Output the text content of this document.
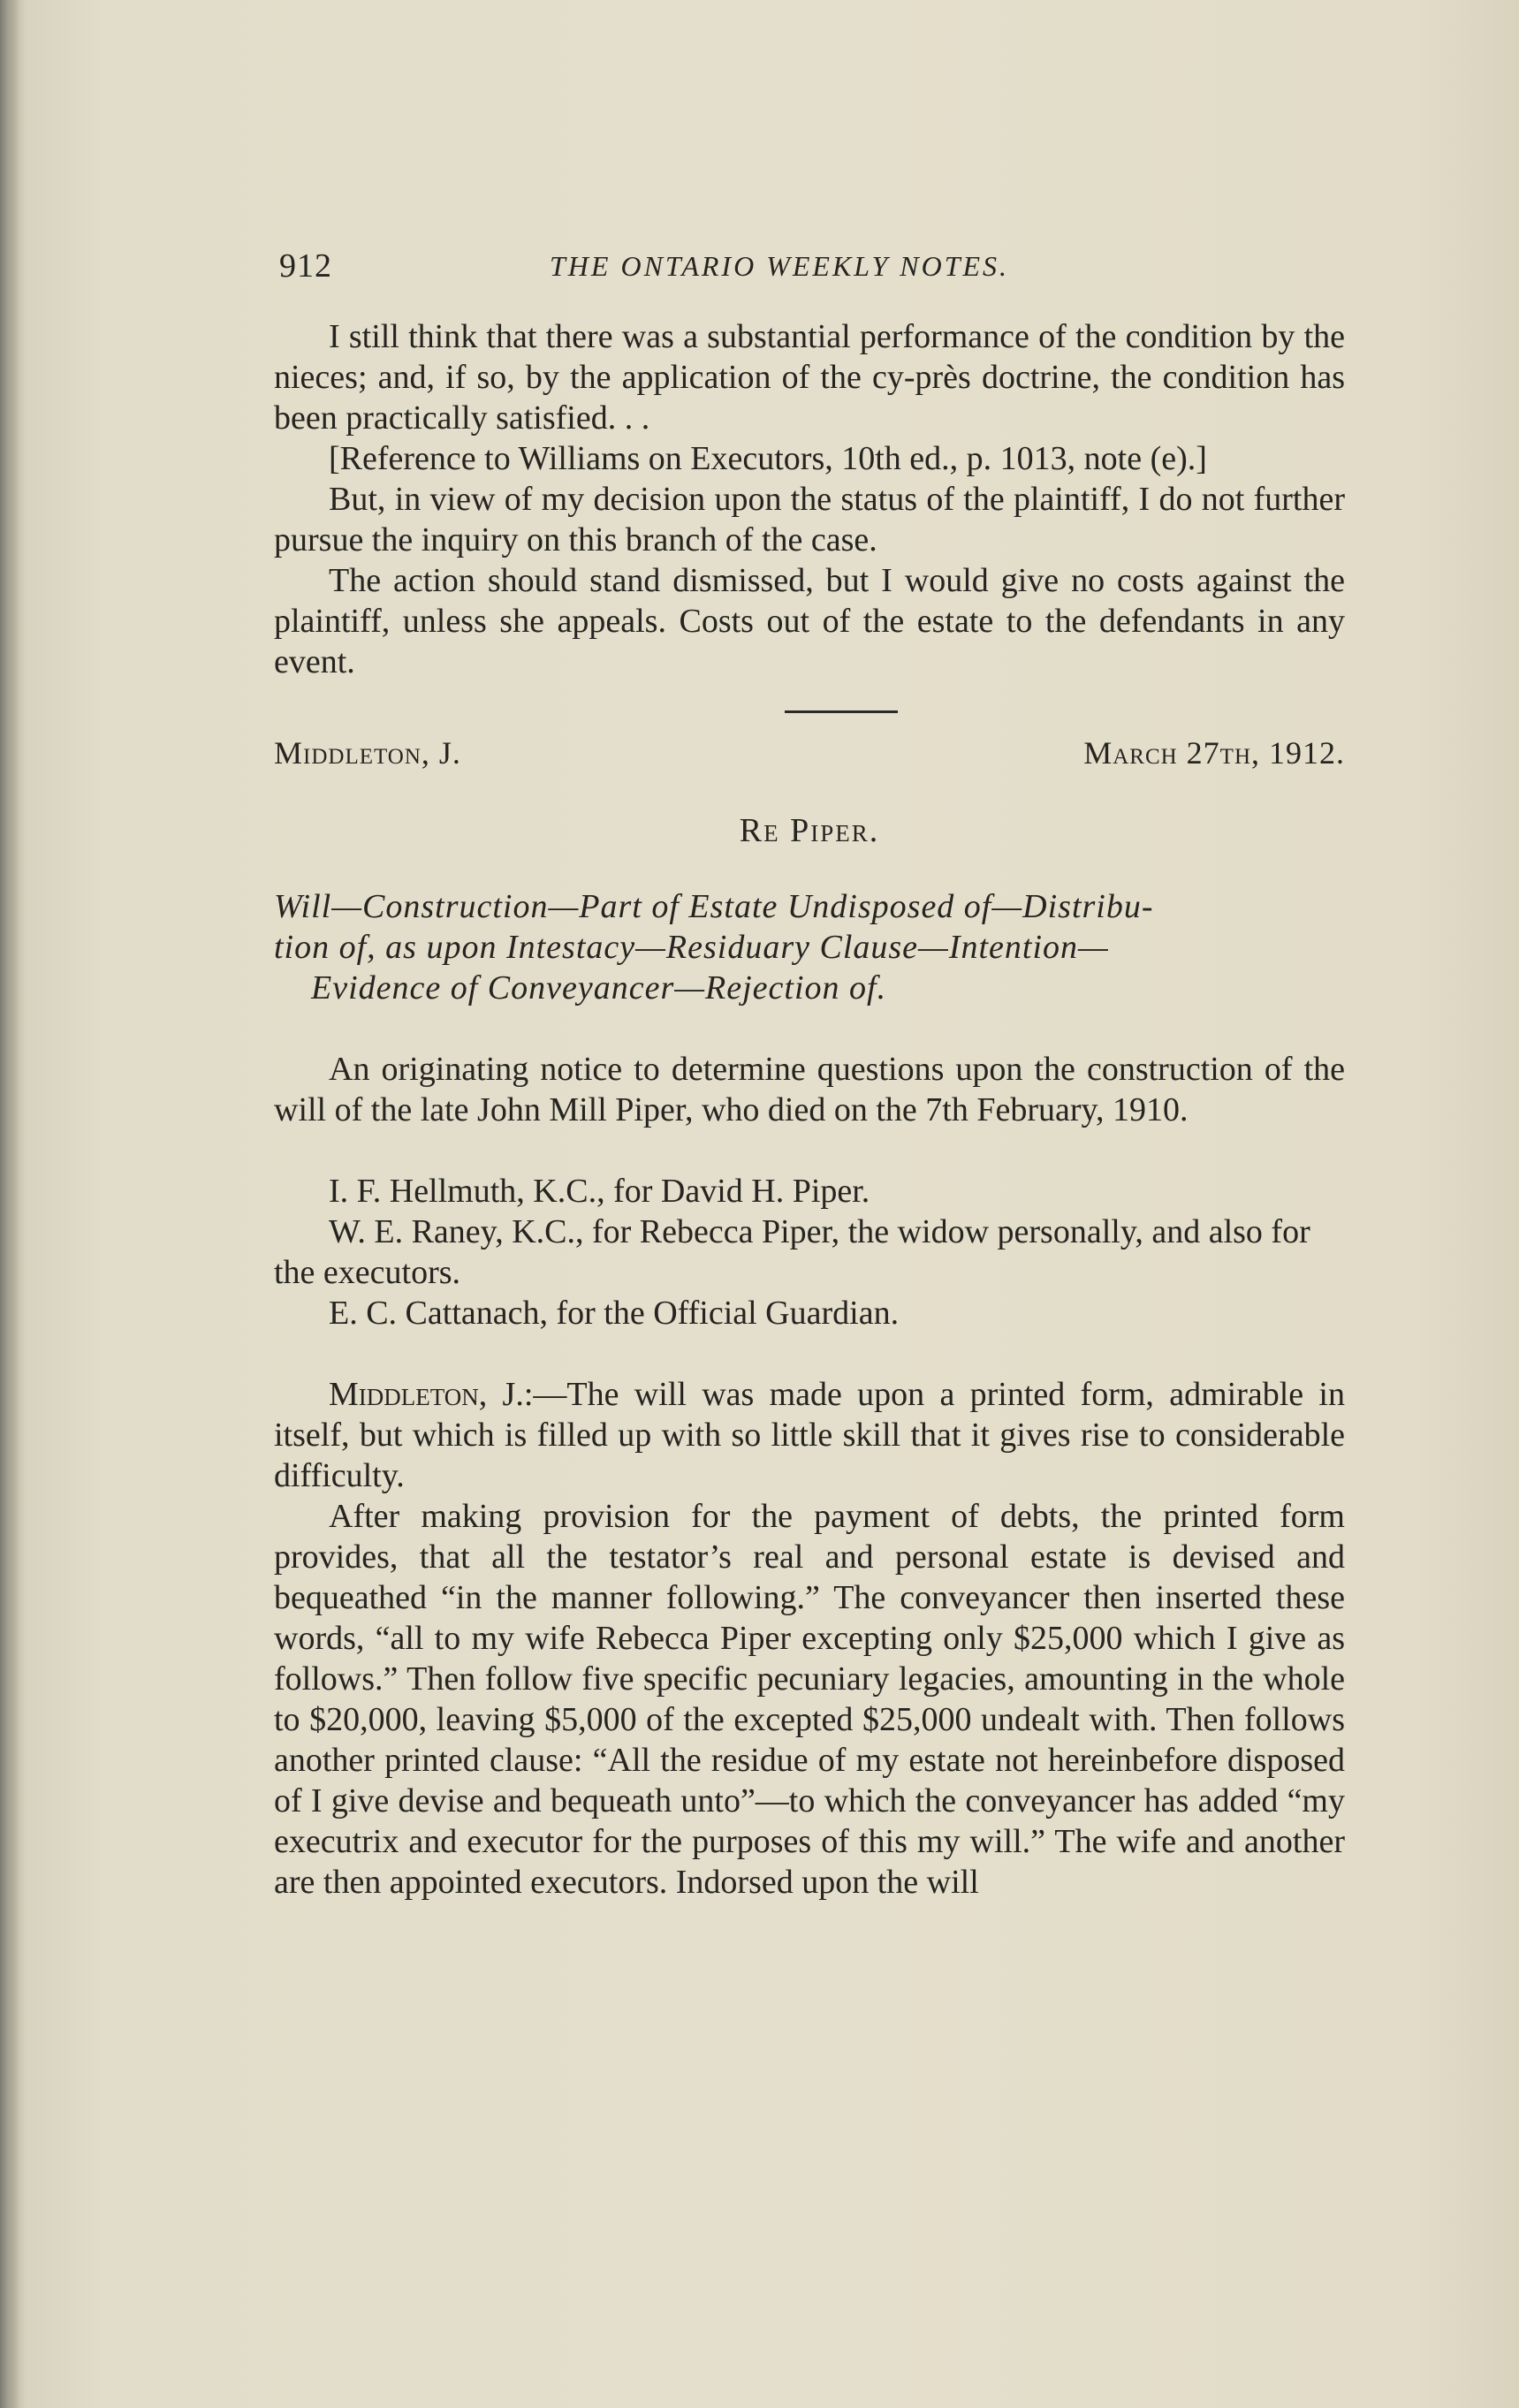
912	THE ONTARIO WEEKLY NOTES.

I still think that there was a substantial performance of the condition by the nieces; and, if so, by the application of the cy-près doctrine, the condition has been practically satisfied. . .

[Reference to Williams on Executors, 10th ed., p. 1013, note (e).]

But, in view of my decision upon the status of the plaintiff, I do not further pursue the inquiry on this branch of the case.

The action should stand dismissed, but I would give no costs against the plaintiff, unless she appeals. Costs out of the estate to the defendants in any event.

Middleton, J.	March 27th, 1912.
Re Piper.
Will—Construction—Part of Estate Undisposed of—Distribu-
tion of, as upon Intestacy—Residuary Clause—Intention—
Evidence of Conveyancer—Rejection of.

An originating notice to determine questions upon the construction of the will of the late John Mill Piper, who died on the 7th February, 1910.

I. F. Hellmuth, K.C., for David H. Piper.

W. E. Raney, K.C., for Rebecca Piper, the widow personally, and also for the executors.

E. C. Cattanach, for the Official Guardian.

Middleton, J.:—The will was made upon a printed form, admirable in itself, but which is filled up with so little skill that it gives rise to considerable difficulty.

After making provision for the payment of debts, the printed form provides, that all the testator’s real and personal estate is devised and bequeathed “in the manner following.” The conveyancer then inserted these words, “all to my wife Rebecca Piper excepting only $25,000 which I give as follows.” Then follow five specific pecuniary legacies, amounting in the whole to $20,000, leaving $5,000 of the excepted $25,000 undealt with. Then follows another printed clause: “All the residue of my estate not hereinbefore disposed of I give devise and bequeath unto”—to which the conveyancer has added “my executrix and executor for the purposes of this my will.” The wife and another are then appointed executors. Indorsed upon the will
